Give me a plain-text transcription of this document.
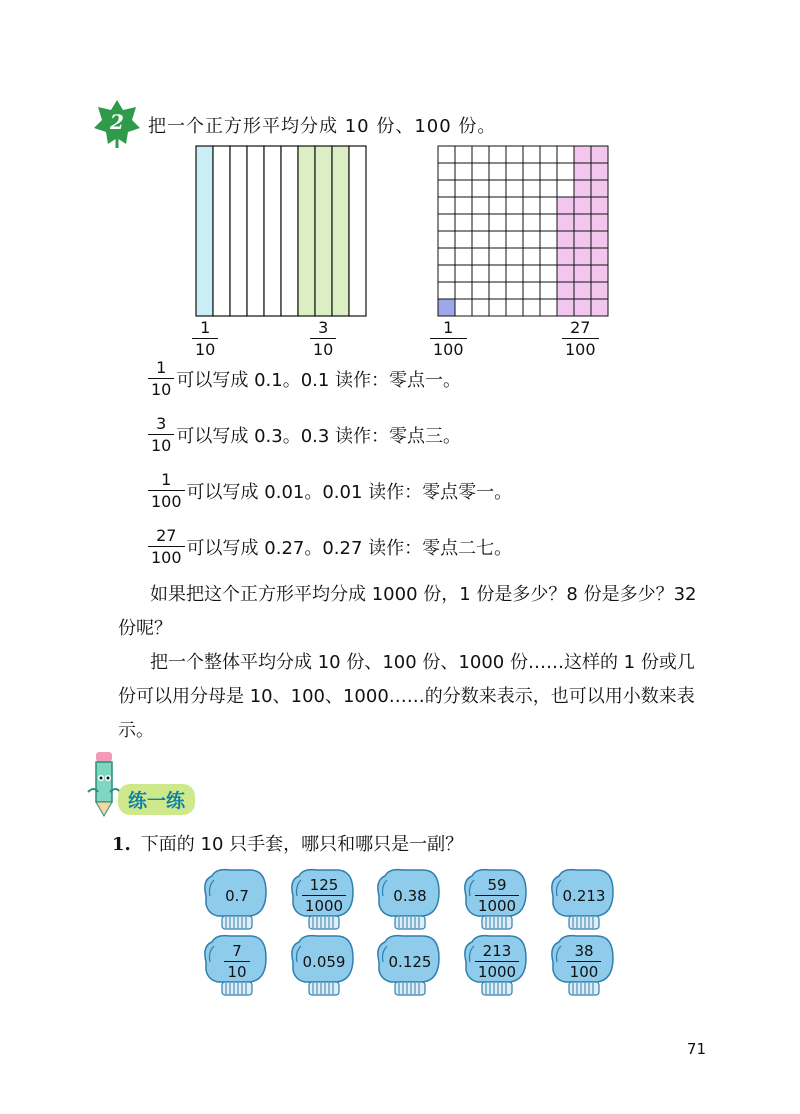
2 把一个正方形平均分成 10 份、100 份。
1
10
3
10
1
100
27
100
1
10 可以写成 0.1。0.1 读作：零点一。
3
10 可以写成 0.3。0.3 读作：零点三。
1
100 可以写成 0.01。0.01 读作：零点零一。
27
100 可以写成 0.27。0.27 读作：零点二七。
如果把这个正方形平均分成 1000 份，1 份是多少？8 份是多少？32 份呢？
把一个整体平均分成 10 份、100 份、1000 份……这样的 1 份或几份可以用分母是 10、100、1000……的分数来表示，也可以用小数来表示。
练一练
1. 下面的 10 只手套，哪只和哪只是一副？
0.7
125
1000
0.38
59
1000
0.213
7
10
0.059	0.125
213
1000
38
100
71
